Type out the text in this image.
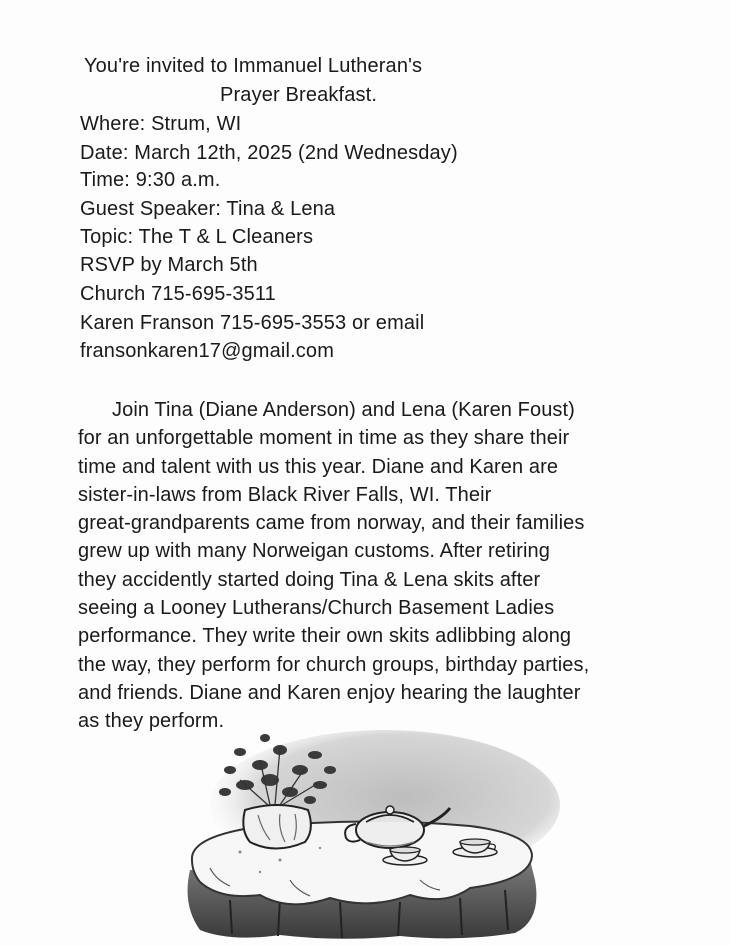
You're invited to Immanuel Lutheran's
Prayer Breakfast.
Where: Strum, WI
Date: March 12th, 2025 (2nd Wednesday)
Time: 9:30 a.m.
Guest Speaker: Tina & Lena
Topic: The T & L Cleaners
RSVP by March 5th
Church 715-695-3511
Karen Franson 715-695-3553 or email
fransonkaren17@gmail.com
Join Tina (Diane Anderson) and Lena (Karen Foust)
for an unforgettable moment in time as they share their
time and talent with us this year. Diane and Karen are
sister-in-laws from Black River Falls, WI. Their
great-grandparents came from norway, and their families
grew up with many Norweigan customs. After retiring
they accidently started doing Tina & Lena skits after
seeing a Looney Lutherans/Church Basement Ladies
performance. They write their own skits adlibbing along
the way, they perform for church groups, birthday parties,
and friends. Diane and Karen enjoy hearing the laughter
as they perform.
